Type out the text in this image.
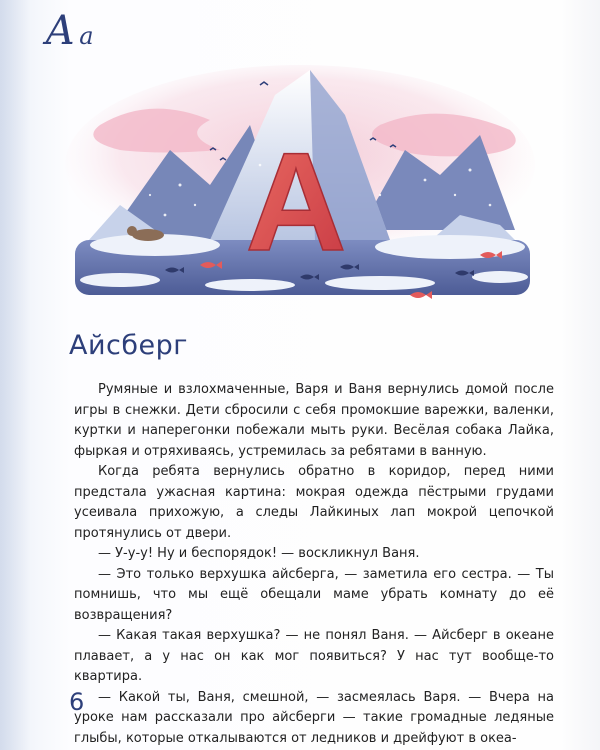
Аа
А
Айсберг

Румяные и взлохмаченные, Варя и Ваня вернулись домой после игры в снежки. Дети сбросили с себя промокшие варежки, валенки, куртки и наперегонки побежали мыть руки. Весёлая собака Лайка, фыркая и отряхиваясь, устремилась за ребятами в ванную.

Когда ребята вернулись обратно в коридор, перед ними предстала ужасная картина: мокрая одежда пёстрыми грудами усеивала прихожую, а следы Лайкиных лап мокрой цепочкой протянулись от двери.

— У-у-у! Ну и беспорядок! — воскликнул Ваня.

— Это только верхушка айсберга, — заметила его сестра. — Ты помнишь, что мы ещё обещали маме убрать комнату до её возвращения?

— Какая такая верхушка? — не понял Ваня. — Айсберг в океане плавает, а у нас он как мог появиться? У нас тут вообще-то квартира.

— Какой ты, Ваня, смешной, — засмеялась Варя. — Вчера на уроке нам рассказали про айсберги — такие громадные ледяные глыбы, которые откалываются от ледников и дрейфуют в океа-

6
